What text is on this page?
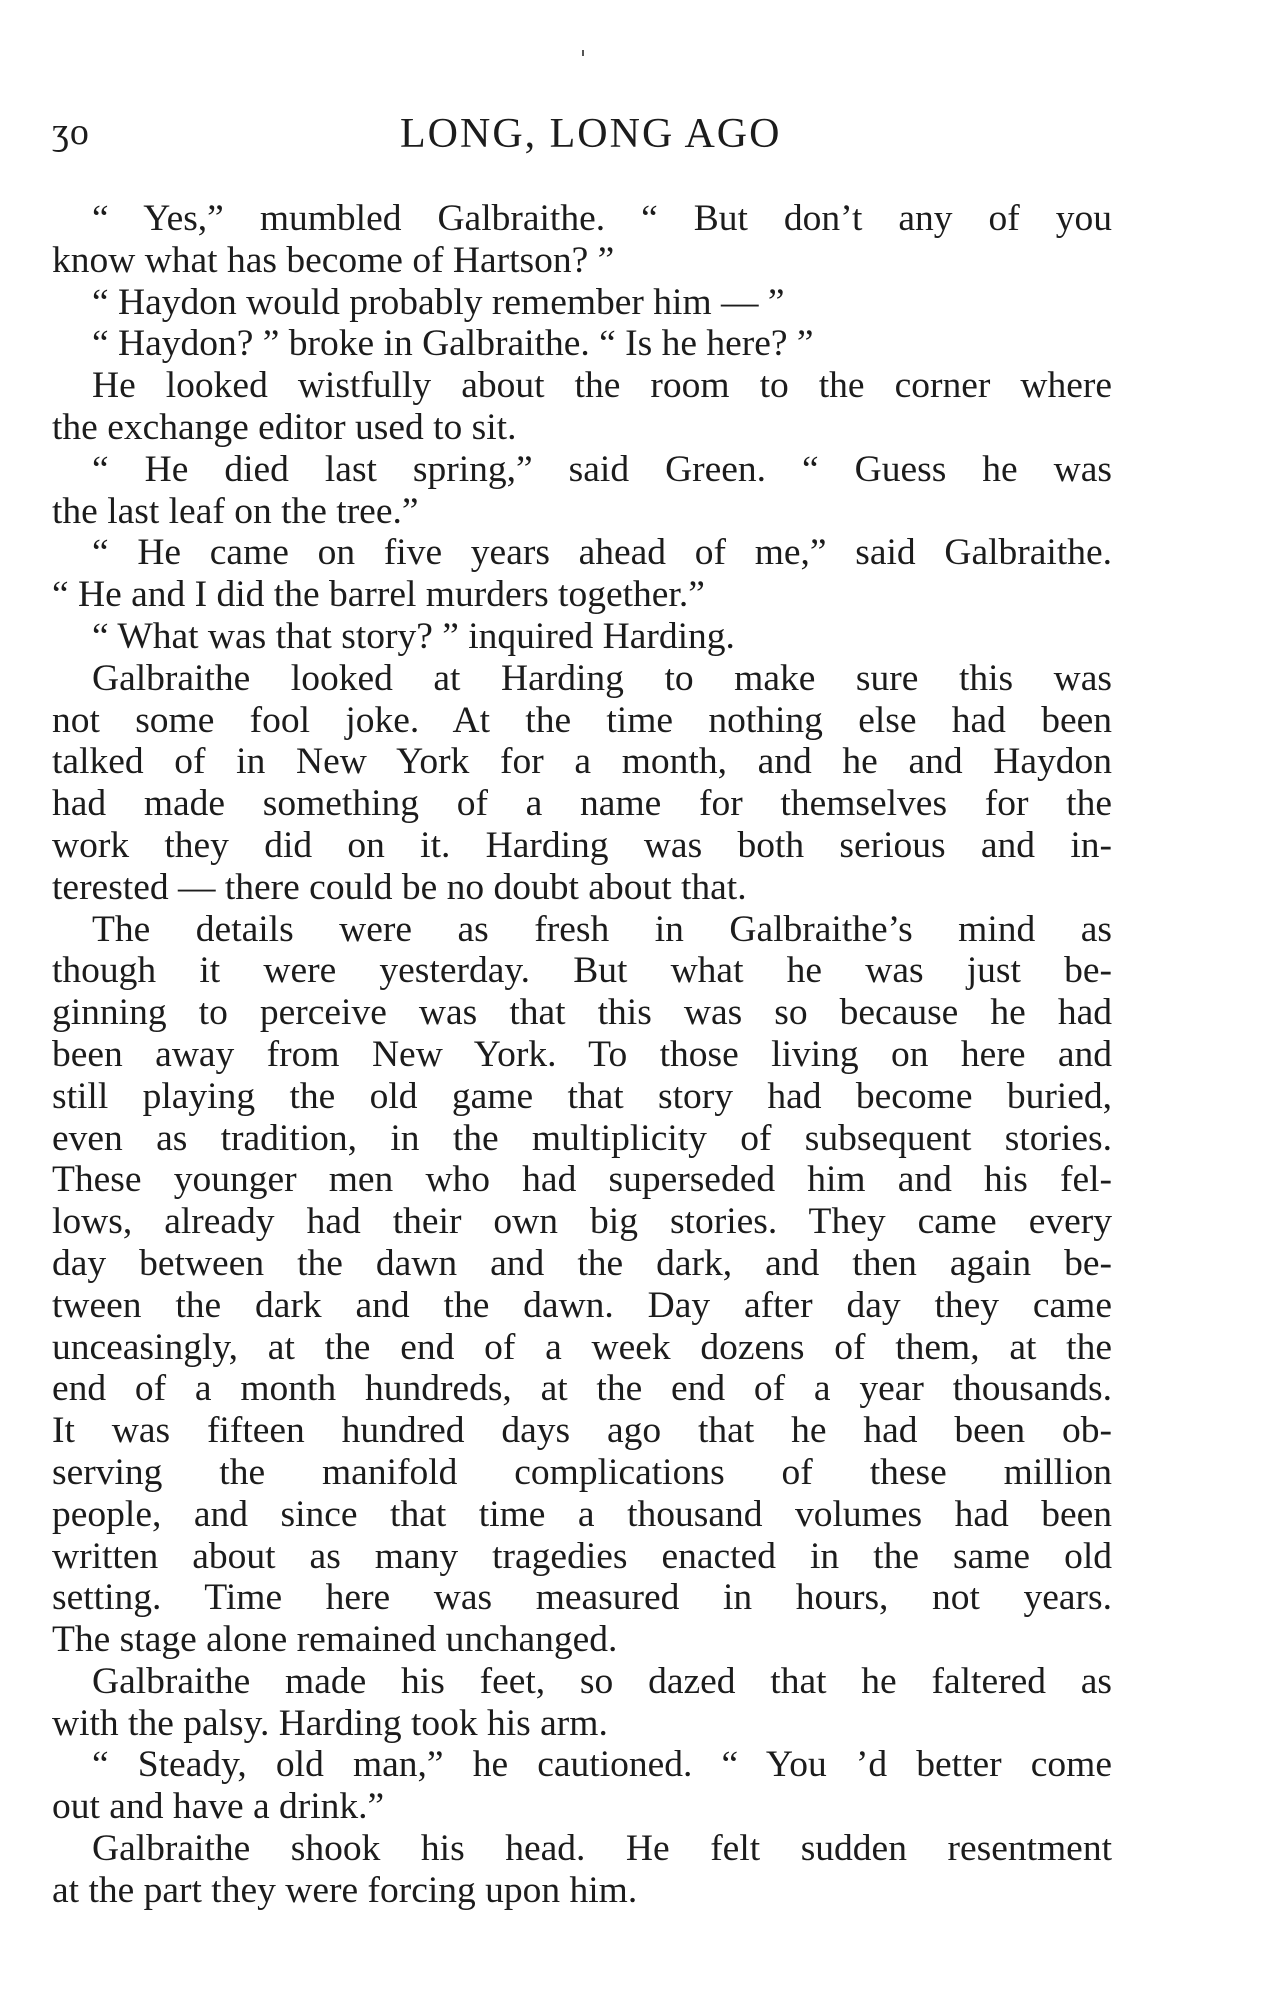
ʒo	LONG, LONG AGO
“ Yes,” mumbled Galbraithe. “ But don’t any of you
know what has become of Hartson? ”
“ Haydon would probably remember him — ”
“ Haydon? ” broke in Galbraithe. “ Is he here? ”
He looked wistfully about the room to the corner where
the exchange editor used to sit.
“ He died last spring,” said Green. “ Guess he was
the last leaf on the tree.”
“ He came on five years ahead of me,” said Galbraithe.
“ He and I did the barrel murders together.”
“ What was that story? ” inquired Harding.
Galbraithe looked at Harding to make sure this was
not some fool joke. At the time nothing else had been
talked of in New York for a month, and he and Haydon
had made something of a name for themselves for the
work they did on it. Harding was both serious and in-
terested — there could be no doubt about that.
The details were as fresh in Galbraithe’s mind as
though it were yesterday. But what he was just be-
ginning to perceive was that this was so because he had
been away from New York. To those living on here and
still playing the old game that story had become buried,
even as tradition, in the multiplicity of subsequent stories.
These younger men who had superseded him and his fel-
lows, already had their own big stories. They came every
day between the dawn and the dark, and then again be-
tween the dark and the dawn. Day after day they came
unceasingly, at the end of a week dozens of them, at the
end of a month hundreds, at the end of a year thousands.
It was fifteen hundred days ago that he had been ob-
serving the manifold complications of these million
people, and since that time a thousand volumes had been
written about as many tragedies enacted in the same old
setting. Time here was measured in hours, not years.
The stage alone remained unchanged.
Galbraithe made his feet, so dazed that he faltered as
with the palsy. Harding took his arm.
“ Steady, old man,” he cautioned. “ You ’d better come
out and have a drink.”
Galbraithe shook his head. He felt sudden resentment
at the part they were forcing upon him.
